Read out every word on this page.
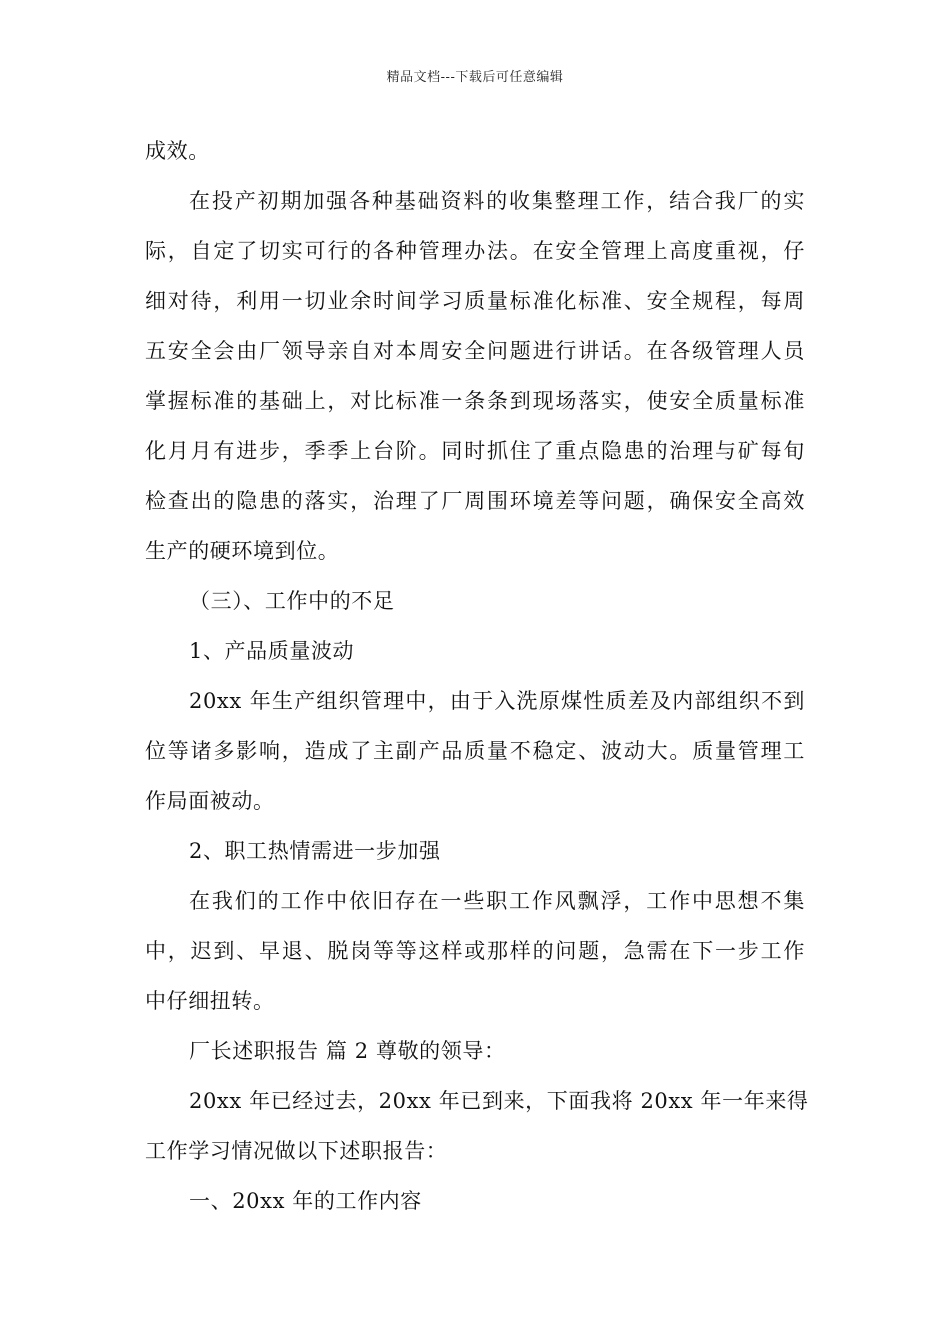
精品文档---下载后可任意编辑
成效。
在投产初期加强各种基础资料的收集整理工作，结合我厂的实
际，自定了切实可行的各种管理办法。在安全管理上高度重视，仔
细对待，利用一切业余时间学习质量标准化标准、安全规程，每周
五安全会由厂领导亲自对本周安全问题进行讲话。在各级管理人员
掌握标准的基础上，对比标准一条条到现场落实，使安全质量标准
化月月有进步，季季上台阶。同时抓住了重点隐患的治理与矿每旬
检查出的隐患的落实，治理了厂周围环境差等问题，确保安全高效
生产的硬环境到位。
（三）、工作中的不足
1、产品质量波动
20xx 年生产组织管理中，由于入洗原煤性质差及内部组织不到
位等诸多影响，造成了主副产品质量不稳定、波动大。质量管理工
作局面被动。
2、职工热情需进一步加强
在我们的工作中依旧存在一些职工作风飘浮，工作中思想不集
中，迟到、早退、脱岗等等这样或那样的问题，急需在下一步工作
中仔细扭转。
厂长述职报告 篇 2 尊敬的领导：
20xx 年已经过去，20xx 年已到来，下面我将 20xx 年一年来得
工作学习情况做以下述职报告：
一、20xx 年的工作内容
